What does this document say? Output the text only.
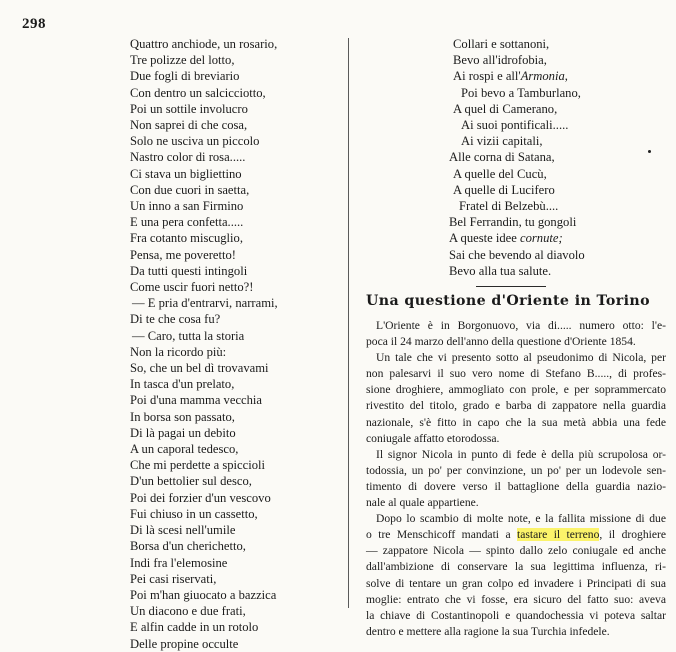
298
Quattro anchiode, un rosario,
Tre polizze del lotto,
Due fogli di breviario
Con dentro un salcicciotto,
Poi un sottile involucro
Non saprei di che cosa,
Solo ne usciva un piccolo
Nastro color di rosa.....
Ci stava un bigliettino
Con due cuori in saetta,
Un inno a san Firmino
E una pera confetta.....
Fra cotanto miscuglio,
Pensa, me poveretto!
Da tutti questi intingoli
Come uscir fuori netto?!
— E pria d'entrarvi, narrami,
Di te che cosa fu?
— Caro, tutta la storia
Non la ricordo più:
So, che un bel dì trovavami
In tasca d'un prelato,
Poi d'una mamma vecchia
In borsa son passato,
Di là pagai un debito
A un caporal tedesco,
Che mi perdette a spiccioli
D'un bettolier sul desco,
Poi dei forzier d'un vescovo
Fui chiuso in un cassetto,
Di là scesi nell'umile
Borsa d'un cherichetto,
Indi fra l'elemosine
Pei casi riservati,
Poi m'han giuocato a bazzica
Un diacono e due frati,
E alfin cadde in un rotolo
Delle propine occulte
Collari e sottanoni,
Bevo all'idrofobia,
Ai rospi e all'Armonia,
Poi bevo a Tamburlano,
A quel di Camerano,
Ai suoi pontificali.....
Ai vizii capitali,
Alle corna di Satana,
A quelle del Cucù,
A quelle di Lucifero
Fratel di Belzebù....
Bel Ferrandin, tu gongoli
A queste idee cornute;
Sai che bevendo al diavolo
Bevo alla tua salute.
Una questione d'Oriente in Torino
L'Oriente è in Borgonuovo, via di..... numero otto: l'e-
poca il 24 marzo dell'anno della questione d'Oriente 1854.
Un tale che vi presento sotto al pseudonimo di Nicola, per
non palesarvi il suo vero nome di Stefano B....., di profes-
sione droghiere, ammogliato con prole, e per soprammercato
rivestito del titolo, grado e barba di zappatore nella guardia
nazionale, s'è fitto in capo che la sua metà abbia una fede
coniugale affatto etorodossa.
Il signor Nicola in punto di fede è della più scrupolosa or-
todossia, un po' per convinzione, un po' per un lodevole sen-
timento di dovere verso il battaglione della guardia nazio-
nale al quale appartiene.
Dopo lo scambio di molte note, e la fallita missione di due
o tre Menschicoff mandati a tastare il terreno, il droghiere
— zappatore Nicola — spinto dallo zelo coniugale ed anche
dall'ambizione di conservare la sua legittima influenza, ri-
solve di tentare un gran colpo ed invadere i Principati di sua
moglie: entrato che vi fosse, era sicuro del fatto suo: aveva
la chiave di Costantinopoli e quandochessia vi poteva saltar
dentro e mettere alla ragione la sua Turchia infedele.
